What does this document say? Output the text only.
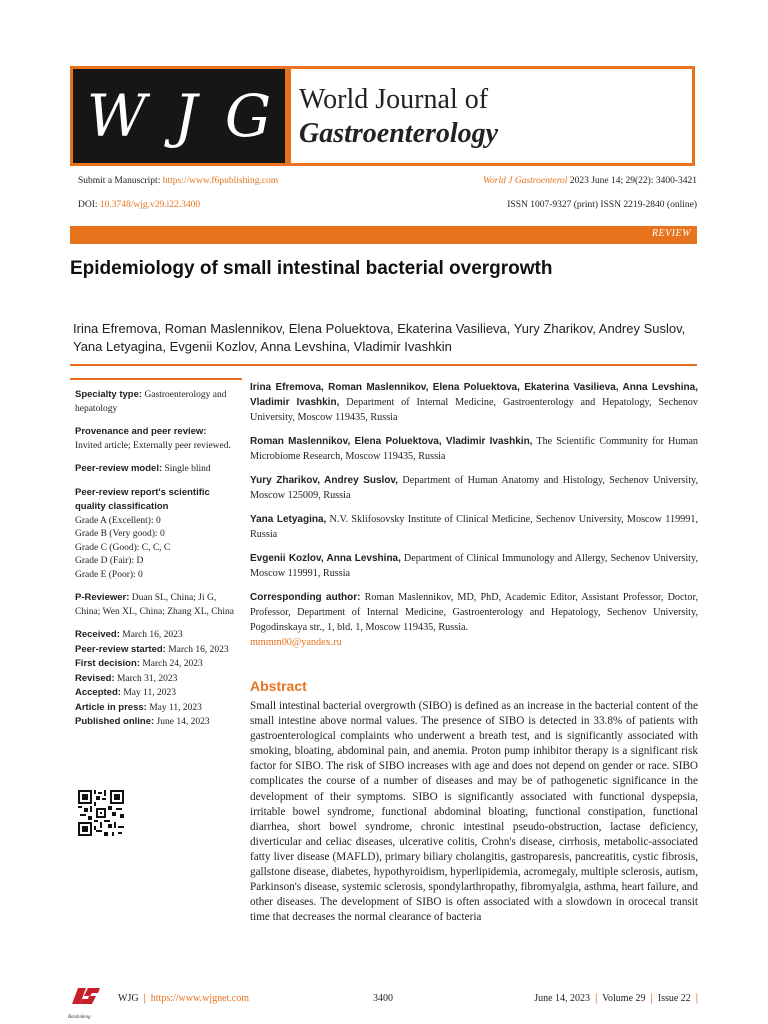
W J G World Journal of
Gastroenterology
Submit a Manuscript: https://www.f6publishing.com	World J Gastroenterol 2023 June 14; 29(22): 3400-3421
DOI: 10.3748/wjg.v29.i22.3400	ISSN 1007-9327 (print) ISSN 2219-2840 (online)
REVIEW
Epidemiology of small intestinal bacterial overgrowth
Irina Efremova, Roman Maslennikov, Elena Poluektova, Ekaterina Vasilieva, Yury Zharikov, Andrey Suslov, Yana Letyagina, Evgenii Kozlov, Anna Levshina, Vladimir Ivashkin
Specialty type: Gastroenterology and hepatology
Provenance and peer review:
Invited article; Externally peer reviewed.
Peer-review model: Single blind
Peer-review report's scientific quality classification

Grade A (Excellent): 0
Grade B (Very good): 0
Grade C (Good): C, C, C
Grade D (Fair): D
Grade E (Poor): 0
P-Reviewer: Duan SL, China; Ji G, China; Wen XL, China; Zhang XL, China
Received: March 16, 2023
Peer-review started: March 16, 2023
First decision: March 24, 2023
Revised: March 31, 2023
Accepted: May 11, 2023
Article in press: May 11, 2023
Published online: June 14, 2023
Irina Efremova, Roman Maslennikov, Elena Poluektova, Ekaterina Vasilieva, Anna Levshina, Vladimir Ivashkin, Department of Internal Medicine, Gastroenterology and Hepatology, Sechenov University, Moscow 119435, Russia
Roman Maslennikov, Elena Poluektova, Vladimir Ivashkin, The Scientific Community for Human Microbiome Research, Moscow 119435, Russia
Yury Zharikov, Andrey Suslov, Department of Human Anatomy and Histology, Sechenov University, Moscow 125009, Russia
Yana Letyagina, N.V. Sklifosovsky Institute of Clinical Medicine, Sechenov University, Moscow 119991, Russia
Evgenii Kozlov, Anna Levshina, Department of Clinical Immunology and Allergy, Sechenov University, Moscow 119991, Russia
Corresponding author: Roman Maslennikov, MD, PhD, Academic Editor, Assistant Professor, Doctor, Professor, Department of Internal Medicine, Gastroenterology and Hepatology, Sechenov University, Pogodinskaya str., 1, bld. 1, Moscow 119435, Russia.
mmmm00@yandex.ru
Abstract
Small intestinal bacterial overgrowth (SIBO) is defined as an increase in the bacterial content of the small intestine above normal values. The presence of SIBO is detected in 33.8% of patients with gastroenterological complaints who underwent a breath test, and is significantly associated with smoking, bloating, abdominal pain, and anemia. Proton pump inhibitor therapy is a significant risk factor for SIBO. The risk of SIBO increases with age and does not depend on gender or race. SIBO complicates the course of a number of diseases and may be of pathogenetic significance in the development of their symptoms. SIBO is significantly associated with functional dyspepsia, irritable bowel syndrome, functional abdominal bloating, functional constipation, functional diarrhea, short bowel syndrome, chronic intestinal pseudo-obstruction, lactase deficiency, diverticular and celiac diseases, ulcerative colitis, Crohn's disease, cirrhosis, metabolic-associated fatty liver disease (MAFLD), primary biliary cholangitis, gastroparesis, pancreatitis, cystic fibrosis, gallstone disease, diabetes, hypothyroidism, hyperlipidemia, acromegaly, multiple sclerosis, autism, Parkinson's disease, systemic sclerosis, spondylarthropathy, fibromyalgia, asthma, heart failure, and other diseases. The development of SIBO is often associated with a slowdown in orocecal transit time that decreases the normal clearance of bacteria
Baishideng
WJG  |  https://www.wjgnet.com	3400	June 14, 2023  |  Volume 29  |  Issue 22  |
